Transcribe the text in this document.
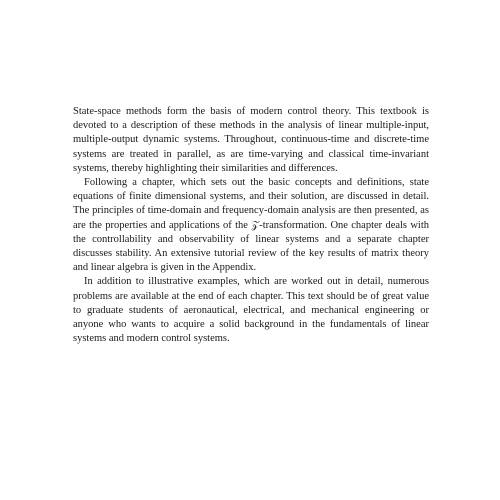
State-space methods form the basis of modern control theory. This textbook is devoted to a description of these methods in the analysis of linear multiple-input, multiple-output dynamic systems. Throughout, continuous-time and discrete-time systems are treated in parallel, as are time-varying and classical time-invariant systems, thereby highlighting their similarities and differences.

Following a chapter, which sets out the basic concepts and definitions, state equations of finite dimensional systems, and their solution, are discussed in detail. The principles of time-domain and frequency-domain analysis are then presented, as are the properties and applications of the 𝒵-transformation. One chapter deals with the controllability and observability of linear systems and a separate chapter discusses stability. An extensive tutorial review of the key results of matrix theory and linear algebra is given in the Appendix.

In addition to illustrative examples, which are worked out in detail, numerous problems are available at the end of each chapter. This text should be of great value to graduate students of aeronautical, electrical, and mechanical engineering or anyone who wants to acquire a solid background in the fundamentals of linear systems and modern control systems.
